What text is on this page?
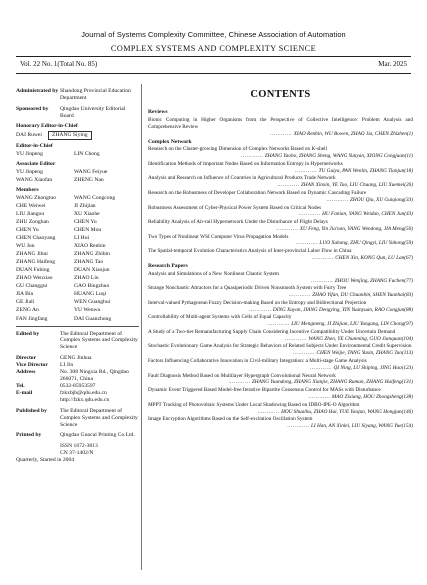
Journal of Systems Complexity Committee, Chinese Association of Automation
COMPLEX SYSTEMS AND COMPLEXITY SCIENCE
Vol. 22 No. 1(Total No. 85)	Mar. 2025
Administrated by Shandong Provincial Education Department
Sponsored by	Qingdao University Editorial Board
Honorary Editor-in-Chief
DAI Ruwei	ZHANG Siying
Editor-in-Chief
YU Jinpeng	LIN Chong
Associate Editor
YU Jinpeng	WANG Feiyue
WANG Xiaofan	ZHENG Nan
Members
WANG Zhongtuo	WANG Congcong
CHE Weiwei	JI Zhijian
LIU Jiangou	XU Xiaohe
ZHU Zonghan	CHEN Yu
CHEN Yu	CHEN Mou
CHEN Chaoyang	LI Hui
WU Jun	XIAO Renbin
ZHANG Jihui	ZHANG Zhibin
ZHANG Haifeng	ZHANG Tao
DUAN Fubing	DUAN Xiaojun
ZHAO Wenxiao	ZHAO Lin
GU Changgui	GAO Bingzhuo
JIA Bin	HUANG Luqi
GE Jiali	WEN Guanghui
ZENG An	YU Wenwu
FAN Jingfang	DAI Guanzhong
Edited by	The Editoral Department of Complex Systems and Complexity Science
Director	GENG Jinhua
Vice Director	LI Jin
Address	No. 308 Ningxia Rd., Qingdao 266071, China
Tel.	0532-85953597
E-mail	fzkxbjb@qdu.edu.cn
http://fzkx.qdu.edu.cn
Published by	The Editoral Department of Complex Systems and Complexity Science
Printed by	Qingdao Guocai Printing Co.Ltd.
ISSN 1672-3813
CN 37-1402/N
Quarterly, Started in 2004
CONTENTS
Reviews
Bionic Computing in Higher Organisms from the Perspective of Collective Intelligence: Problem Analysis and Comprehensive Review
………… XIAO Renbin, WU Bowen, ZHAO Jia, CHEN Zhizhen(1)
Complex Network
Research on the Cluster-growing Dimension of Complex Networks Based on K-shell
………… ZHANG Yaobo, ZHANG Sheng, WANG Yunyan, XIONG Congjuan(11)
Identification Methods of Important Nodes Based on Information Entropy in Hypernetworks
………… TU Guiya, PAN Wenlin, ZHANG Tianjun(18)
Analysis and Research on Influence of Countries in Agricultural Products Trade Network
………… ZHAN Xinxin, YE Tao, LIU Chuang, LIU Xuemei(26)
Research on the Robustness of Developer Collaboration Network Based on Dynamic Cascading Failure
………… ZHOU Qiu, XU Guiqiong(33)
Robustness Assessment of Cyber-Physical Power System Based on Critical Nodes
………… HU Fanian, YANG Weidan, CHEN Jun(43)
Reliability Analysis of Air-rail Hypernetwork Under the Disturbance of Flight Delays
………… XU Feng, Yin Jia'nan, YANG Wendong, JIA Meng(50)
Two Types of Nonlinear WSI Computer Virus Propagation Models
………… LUO Xuhang, ZHU Qingyi, LIU Yahong(59)
The Spatial-temporal Evolution Characteristics Analysis of Inter-provincial Labor Flow in China
………… CHEN Xin, KONG Qun, LU Lan(67)
Research Papers
Analysis and Simulations of a New Nonlinear Chaotic System
………… ZHOU Wenjing, ZHANG Fuchen(77)
Strange Nonchaotic Attractors for a Quasiperiodic Driven Nonsmooth System with Furry Tree
………… ZHAO Yifan, DU Chuanbin, SHEN Yuanhai(83)
Interval-valued Pythagorean Fuzzy Decision-making Based on the Entropy and Bidirectional Projection
………… DING Xuyan, JIANG Dengying, YIN Yuanyuan, RAO Congjun(88)
Controllability of Multi-agent Systems with Cells of Equal Capacity
………… LIU Mengmeng, JI Zhijian, LIU Yungang, LIN Chong(97)
A Study of a Two-tier Remanufacturing Supply Chain Considering Incentive Compatibility Under Uncertain Demand
………… WANG Zhen, YE Chunming, GUO Jianquan(104)
Stochastic Evolutionary Game Analysis for Strategic Behaviors of Related Subjects Under Environmental Credit Supervision
………… CHEN Weijie, TANG Yuxin, ZHANG Tao(113)
Factors Influencing Collaborative Innovation in Civil-military Integration: a Multi-stage Game Analysis
………… QI Ning, LU Shiping, JING Hao(123)
Fault Diagnosis Method Based on Multilayer Hypergraph Convolutional Neural Network
………… ZHANG Yuandong, ZHANG Xianjie, ZHANG Ruman, ZHANG Haifeng(131)
Dynamic Event Triggered Based Model-free Iterative Bipartite Consensus Control for MASs with Disturbance
………… MAO Zixiang, HOU Zhongsheng(138)
MPPT Tracking of Photovoltaic Systems Under Local Shadowing Based on IDBO-IPE-O Algorithm
………… HOU Shuaihu, ZHAO Hui, YUE Yaojun, WANG Hongjun(146)
Image Encryption Algorithms Based on the Self-excitation Oscillation System
………… LI Han, AN Xinlei, LIU Siyang, WANG Yue(154)
